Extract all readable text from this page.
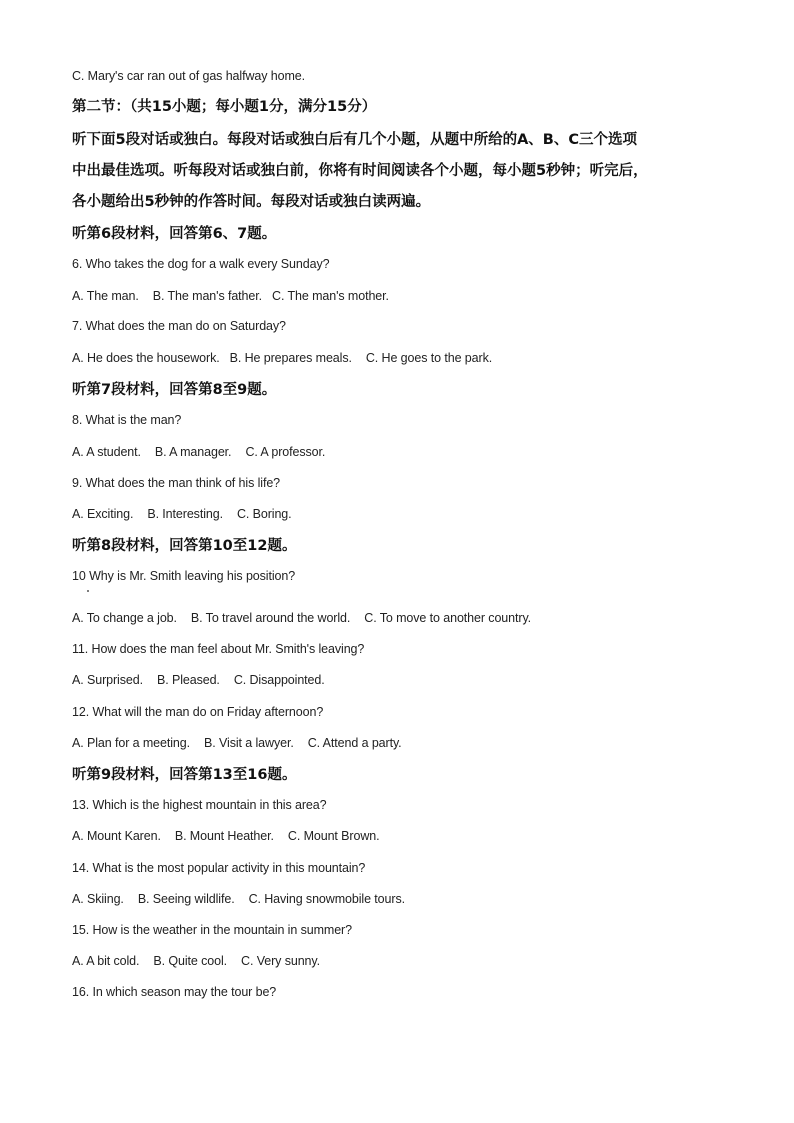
C. Mary's car ran out of gas halfway home.
第二节：（共15小题；每小题1分，满分15分）
听下面5段对话或独白。每段对话或独白后有几个小题，从题中所给的A、B、C三个选项
中出最佳选项。听每段对话或独白前，你将有时间阅读各个小题，每小题5秒钟；听完后，
各小题给出5秒钟的作答时间。每段对话或独白读两遍。
听第6段材料，回答第6、7题。
6. Who takes the dog for a walk every Sunday?
A. The man. B. The man's father. C. The man's mother.
7. What does the man do on Saturday?
A. He does the housework. B. He prepares meals. C. He goes to the park.
听第7段材料，回答第8至9题。
8. What is the man?
A. A student. B. A manager. C. A professor.
9. What does the man think of his life?
A. Exciting. B. Interesting. C. Boring.
听第8段材料，回答第10至12题。
10 Why is Mr. Smith leaving his position?
A. To change a job. B. To travel around the world. C. To move to another country.
11. How does the man feel about Mr. Smith's leaving?
A. Surprised. B. Pleased. C. Disappointed.
12. What will the man do on Friday afternoon?
A. Plan for a meeting. B. Visit a lawyer. C. Attend a party.
听第9段材料，回答第13至16题。
13. Which is the highest mountain in this area?
A. Mount Karen. B. Mount Heather. C. Mount Brown.
14. What is the most popular activity in this mountain?
A. Skiing. B. Seeing wildlife. C. Having snowmobile tours.
15. How is the weather in the mountain in summer?
A. A bit cold. B. Quite cool. C. Very sunny.
16. In which season may the tour be?
